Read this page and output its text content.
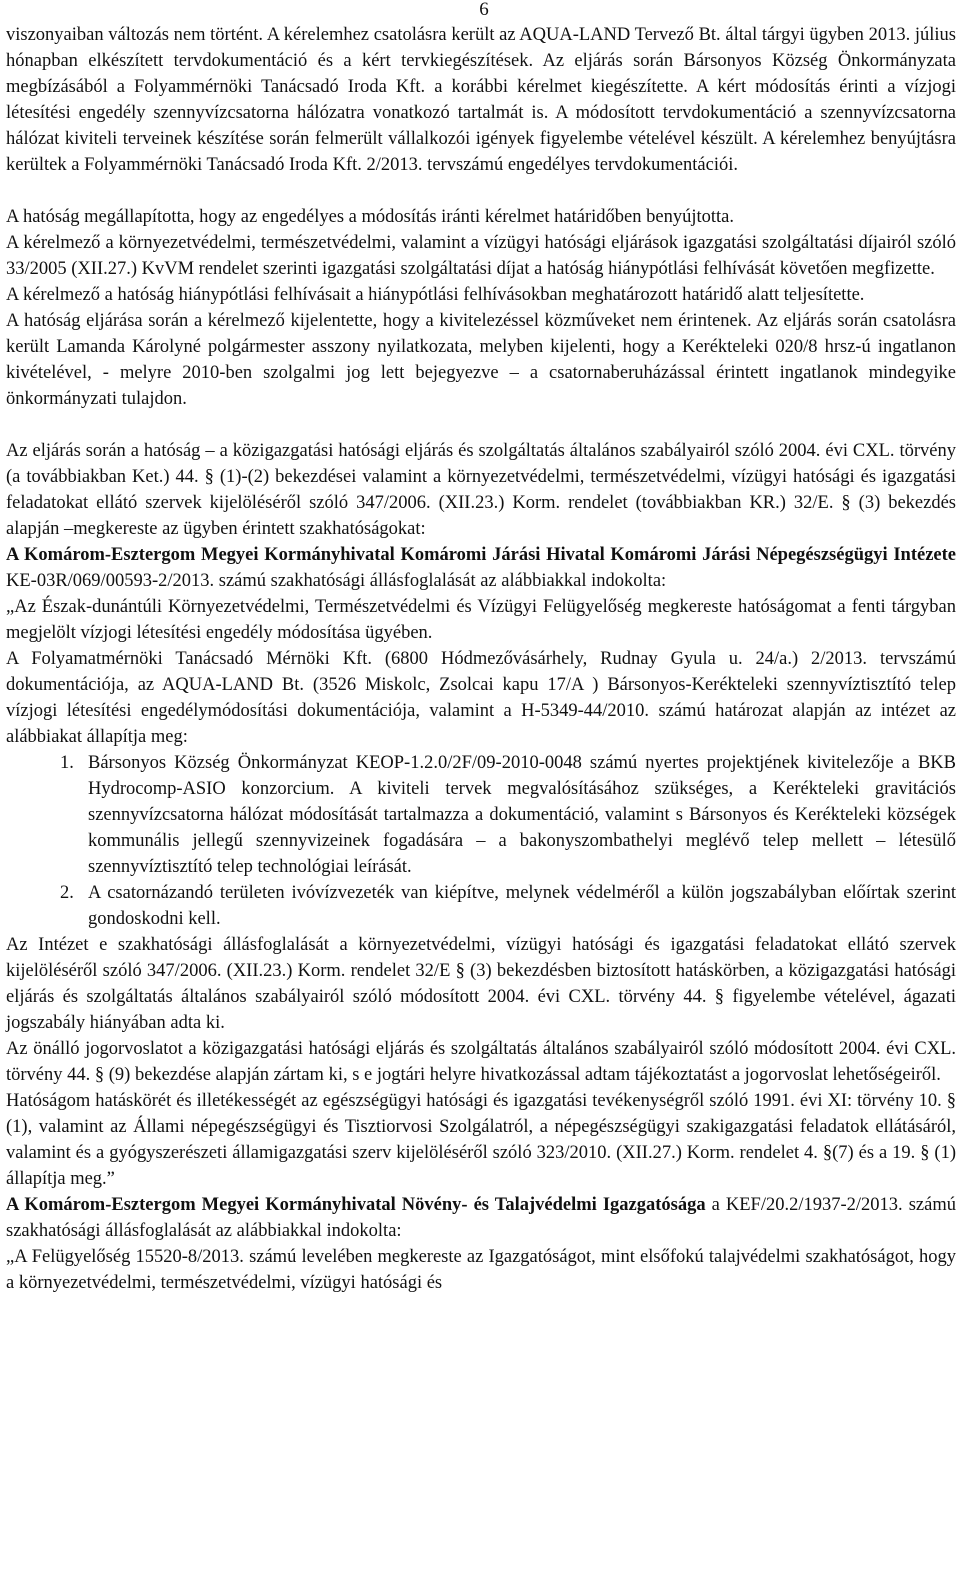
6

viszonyaiban változás nem történt. A kérelemhez csatolásra került az AQUA-LAND Tervező Bt. által tárgyi ügyben 2013. július hónapban elkészített tervdokumentáció és a kért tervkiegészítések. Az eljárás során Bársonyos Község Önkormányzata megbízásából a Folyammérnöki Tanácsadó Iroda Kft. a korábbi kérelmet kiegészítette. A kért módosítás érinti a vízjogi létesítési engedély szennyvízcsatorna hálózatra vonatkozó tartalmát is. A módosított tervdokumentáció a szennyvízcsatorna hálózat kiviteli terveinek készítése során felmerült vállalkozói igények figyelembe vételével készült. A kérelemhez benyújtásra kerültek a Folyammérnöki Tanácsadó Iroda Kft. 2/2013. tervszámú engedélyes tervdokumentációi.

A hatóság megállapította, hogy az engedélyes a módosítás iránti kérelmet határidőben benyújtotta.

A kérelmező a környezetvédelmi, természetvédelmi, valamint a vízügyi hatósági eljárások igazgatási szolgáltatási díjairól szóló 33/2005 (XII.27.) KvVM rendelet szerinti igazgatási szolgáltatási díjat a hatóság hiánypótlási felhívását követően megfizette.

A kérelmező a hatóság hiánypótlási felhívásait a hiánypótlási felhívásokban meghatározott határidő alatt teljesítette.

A hatóság eljárása során a kérelmező kijelentette, hogy a kivitelezéssel közműveket nem érintenek. Az eljárás során csatolásra került Lamanda Károlyné polgármester asszony nyilatkozata, melyben kijelenti, hogy a Kerékteleki 020/8 hrsz-ú ingatlanon kivételével, - melyre 2010-ben szolgalmi jog lett bejegyezve – a csatornaberuházással érintett ingatlanok mindegyike önkormányzati tulajdon.

Az eljárás során a hatóság – a közigazgatási hatósági eljárás és szolgáltatás általános szabályairól szóló 2004. évi CXL. törvény (a továbbiakban Ket.) 44. § (1)-(2) bekezdései valamint a környezetvédelmi, természetvédelmi, vízügyi hatósági és igazgatási feladatokat ellátó szervek kijelöléséről szóló 347/2006. (XII.23.) Korm. rendelet (továbbiakban KR.) 32/E. § (3) bekezdés alapján –megkereste az ügyben érintett szakhatóságokat:

A Komárom-Esztergom Megyei Kormányhivatal Komáromi Járási Hivatal Komáromi Járási Népegészségügyi Intézete KE-03R/069/00593-2/2013. számú szakhatósági állásfoglalását az alábbiakkal indokolta:

„Az Észak-dunántúli Környezetvédelmi, Természetvédelmi és Vízügyi Felügyelőség megkereste hatóságomat a fenti tárgyban megjelölt vízjogi létesítési engedély módosítása ügyében.

A Folyamatmérnöki Tanácsadó Mérnöki Kft. (6800 Hódmezővásárhely, Rudnay Gyula u. 24/a.) 2/2013. tervszámú dokumentációja, az AQUA-LAND Bt. (3526 Miskolc, Zsolcai kapu 17/A ) Bársonyos-Kerékteleki szennyvíztisztító telep vízjogi létesítési engedélymódosítási dokumentációja, valamint a H-5349-44/2010. számú határozat alapján az intézet az alábbiakat állapítja meg:

1. Bársonyos Község Önkormányzat KEOP-1.2.0/2F/09-2010-0048 számú nyertes projektjének kivitelezője a BKB Hydrocomp-ASIO konzorcium. A kiviteli tervek megvalósításához szükséges, a Kerékteleki gravitációs szennyvízcsatorna hálózat módosítását tartalmazza a dokumentáció, valamint s Bársonyos és Kerékteleki községek kommunális jellegű szennyvizeinek fogadására – a bakonyszombathelyi meglévő telep mellett – létesülő szennyvíztisztító telep technológiai leírását.
2. A csatornázandó területen ivóvízvezeték van kiépítve, melynek védelméről a külön jogszabályban előírtak szerint gondoskodni kell.

Az Intézet e szakhatósági állásfoglalását a környezetvédelmi, vízügyi hatósági és igazgatási feladatokat ellátó szervek kijelöléséről szóló 347/2006. (XII.23.) Korm. rendelet 32/E § (3) bekezdésben biztosított hatáskörben, a közigazgatási hatósági eljárás és szolgáltatás általános szabályairól szóló módosított 2004. évi CXL. törvény 44. § figyelembe vételével, ágazati jogszabály hiányában adta ki.

Az önálló jogorvoslatot a közigazgatási hatósági eljárás és szolgáltatás általános szabályairól szóló módosított 2004. évi CXL. törvény 44. § (9) bekezdése alapján zártam ki, s e jogtári helyre hivatkozással adtam tájékoztatást a jogorvoslat lehetőségeiről.

Hatóságom hatáskörét és illetékességét az egészségügyi hatósági és igazgatási tevékenységről szóló 1991. évi XI: törvény 10. § (1), valamint az Állami népegészségügyi és Tisztiorvosi Szolgálatról, a népegészségügyi szakigazgatási feladatok ellátásáról, valamint és a gyógyszerészeti államigazgatási szerv kijelöléséről szóló 323/2010. (XII.27.) Korm. rendelet 4. §(7) és a 19. § (1) állapítja meg.”

A Komárom-Esztergom Megyei Kormányhivatal Növény- és Talajvédelmi Igazgatósága a KEF/20.2/1937-2/2013. számú szakhatósági állásfoglalását az alábbiakkal indokolta:

„A Felügyelőség 15520-8/2013. számú levelében megkereste az Igazgatóságot, mint elsőfokú talajvédelmi szakhatóságot, hogy a környezetvédelmi, természetvédelmi, vízügyi hatósági és
